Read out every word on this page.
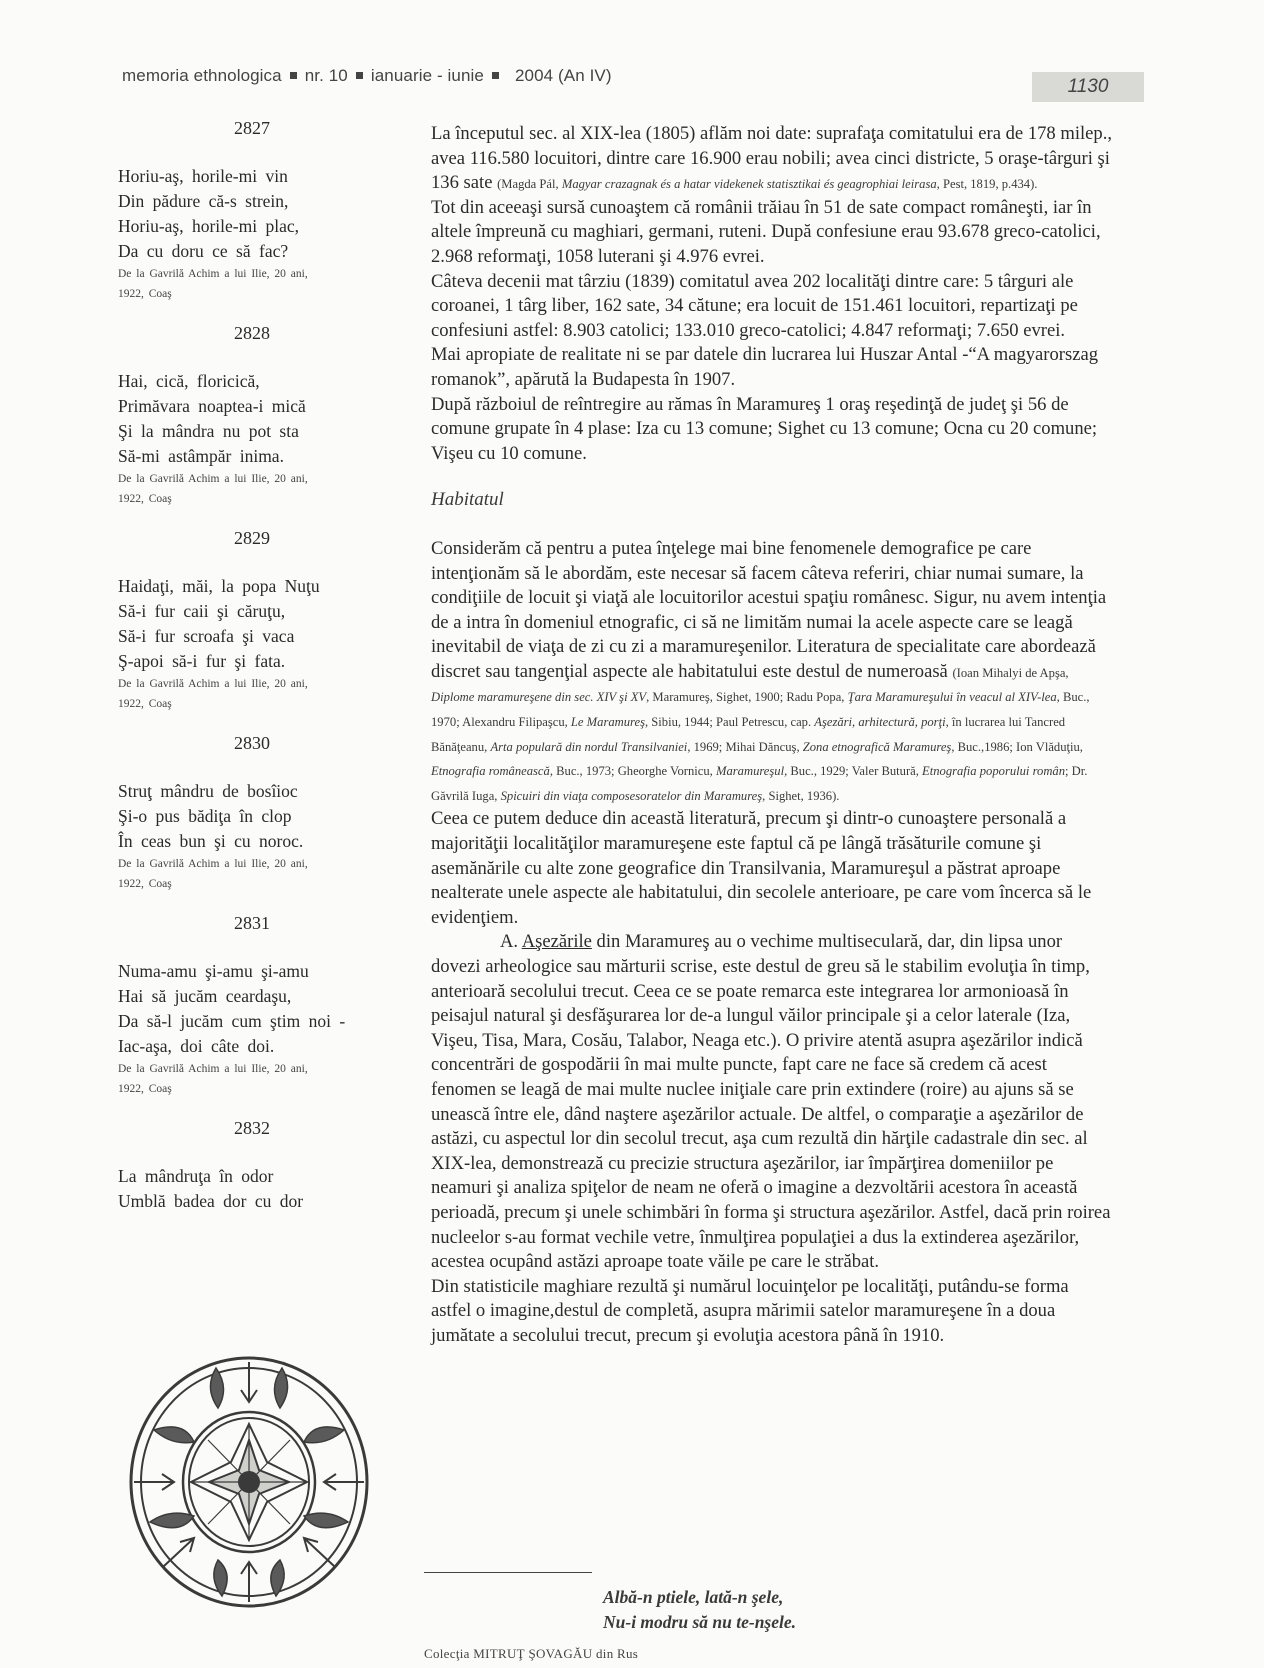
memoria ethnologica nr. 10 ianuarie - iunie 2004 (An IV)
1130
2827
Horiu-aş, horile-mi vin
Din pădure că-s strein,
Horiu-aş, horile-mi plac,
Da cu doru ce să fac?
De la Gavrilă Achim a lui Ilie, 20 ani,
1922, Coaş
2828
Hai, cică, floricică,
Primăvara noaptea-i mică
Şi la mândra nu pot sta
Să-mi astâmpăr inima.
De la Gavrilă Achim a lui Ilie, 20 ani,
1922, Coaş
2829
Haidaţi, măi, la popa Nuţu
Să-i fur caii şi căruţu,
Să-i fur scroafa şi vaca
Ş-apoi să-i fur şi fata.
De la Gavrilă Achim a lui Ilie, 20 ani,
1922, Coaş
2830
Struţ mândru de bosîioc
Şi-o pus bădiţa în clop
În ceas bun şi cu noroc.
De la Gavrilă Achim a lui Ilie, 20 ani,
1922, Coaş
2831
Numa-amu şi-amu şi-amu
Hai să jucăm ceardaşu,
Da să-l jucăm cum ştim noi -
Iac-aşa, doi câte doi.
De la Gavrilă Achim a lui Ilie, 20 ani,
1922, Coaş
2832
La mândruţa în odor
Umblă badea dor cu dor

La începutul sec. al XIX-lea (1805) aflăm noi date: suprafaţa comitatului era de 178 milep., avea 116.580 locuitori, dintre care 16.900 erau nobili; avea cinci districte, 5 oraşe-târguri şi 136 sate (Magda Pál, Magyar crazagnak és a hatar videkenek statisztikai és geagrophiai leirasa, Pest, 1819, p.434).

Tot din aceeaşi sursă cunoaştem că românii trăiau în 51 de sate compact româneşti, iar în altele împreună cu maghiari, germani, ruteni. După confesiune erau 93.678 greco-catolici, 2.968 reformaţi, 1058 luterani şi 4.976 evrei.

Câteva decenii mat târziu (1839) comitatul avea 202 localităţi dintre care: 5 târguri ale coroanei, 1 târg liber, 162 sate, 34 cătune; era locuit de 151.461 locuitori, repartizaţi pe confesiuni astfel: 8.903 catolici; 133.010 greco-catolici; 4.847 reformaţi; 7.650 evrei.

Mai apropiate de realitate ni se par datele din lucrarea lui Huszar Antal -“A magyarorszag romanok”, apărută la Budapesta în 1907.

După războiul de reîntregire au rămas în Maramureş 1 oraş reşedinţă de judeţ şi 56 de comune grupate în 4 plase: Iza cu 13 comune; Sighet cu 13 comune; Ocna cu 20 comune; Vişeu cu 10 comune.

Habitatul

Considerăm că pentru a putea înţelege mai bine fenomenele demografice pe care intenţionăm să le abordăm, este necesar să facem câteva referiri, chiar numai sumare, la condiţiile de locuit şi viaţă ale locuitorilor acestui spaţiu românesc. Sigur, nu avem intenţia de a intra în domeniul etnografic, ci să ne limităm numai la acele aspecte care se leagă inevitabil de viaţa de zi cu zi a maramureşenilor. Literatura de specialitate care abordează discret sau tangenţial aspecte ale habitatului este destul de numeroasă (Ioan Mihalyi de Apşa, Diplome maramureşene din sec. XIV şi XV, Maramureş, Sighet, 1900; Radu Popa, Ţara Maramureşului în veacul al XIV-lea, Buc., 1970; Alexandru Filipaşcu, Le Maramureş, Sibiu, 1944; Paul Petrescu, cap. Aşezări, arhitectură, porţi, în lucrarea lui Tancred Bănăţeanu, Arta populară din nordul Transilvaniei, 1969; Mihai Dăncuş, Zona etnografică Maramureş, Buc.,1986; Ion Vlăduţiu, Etnografia românească, Buc., 1973; Gheorghe Vornicu, Maramureşul, Buc., 1929; Valer Butură, Etnografia poporului român; Dr. Găvrilă Iuga, Spicuiri din viaţa composesoratelor din Maramureş, Sighet, 1936).

Ceea ce putem deduce din această literatură, precum şi dintr-o cunoaştere personală a majorităţii localităţilor maramureşene este faptul că pe lângă trăsăturile comune şi asemănările cu alte zone geografice din Transilvania, Maramureşul a păstrat aproape nealterate unele aspecte ale habitatului, din secolele anterioare, pe care vom încerca să le evidenţiem.

A. Aşezările din Maramureş au o vechime multiseculară, dar, din lipsa unor dovezi arheologice sau mărturii scrise, este destul de greu să le stabilim evoluţia în timp, anterioară secolului trecut. Ceea ce se poate remarca este integrarea lor armonioasă în peisajul natural şi desfăşurarea lor de-a lungul văilor principale şi a celor laterale (Iza, Vişeu, Tisa, Mara, Cosău, Talabor, Neaga etc.). O privire atentă asupra aşezărilor indică concentrări de gospodării în mai multe puncte, fapt care ne face să credem că acest fenomen se leagă de mai multe nuclee iniţiale care prin extindere (roire) au ajuns să se unească între ele, dând naştere aşezărilor actuale. De altfel, o comparaţie a aşezărilor de astăzi, cu aspectul lor din secolul trecut, aşa cum rezultă din hărţile cadastrale din sec. al XIX-lea, demonstrează cu precizie structura aşezărilor, iar împărţirea domeniilor pe neamuri şi analiza spiţelor de neam ne oferă o imagine a dezvoltării acestora în această perioadă, precum şi unele schimbări în forma şi structura aşezărilor. Astfel, dacă prin roirea nucleelor s-au format vechile vetre, înmulţirea populaţiei a dus la extinderea aşezărilor, acestea ocupând astăzi aproape toate văile pe care le străbat.

Din statisticile maghiare rezultă şi numărul locuinţelor pe localităţi, putându-se forma astfel o imagine,destul de completă, asupra mărimii satelor maramureşene în a doua jumătate a secolului trecut, precum şi evoluţia acestora până în 1910.

Albă-n ptiele, lată-n şele,
Nu-i modru să nu te-nşele.
Colecţia MITRUŢ ŞOVAGĂU din Rus
